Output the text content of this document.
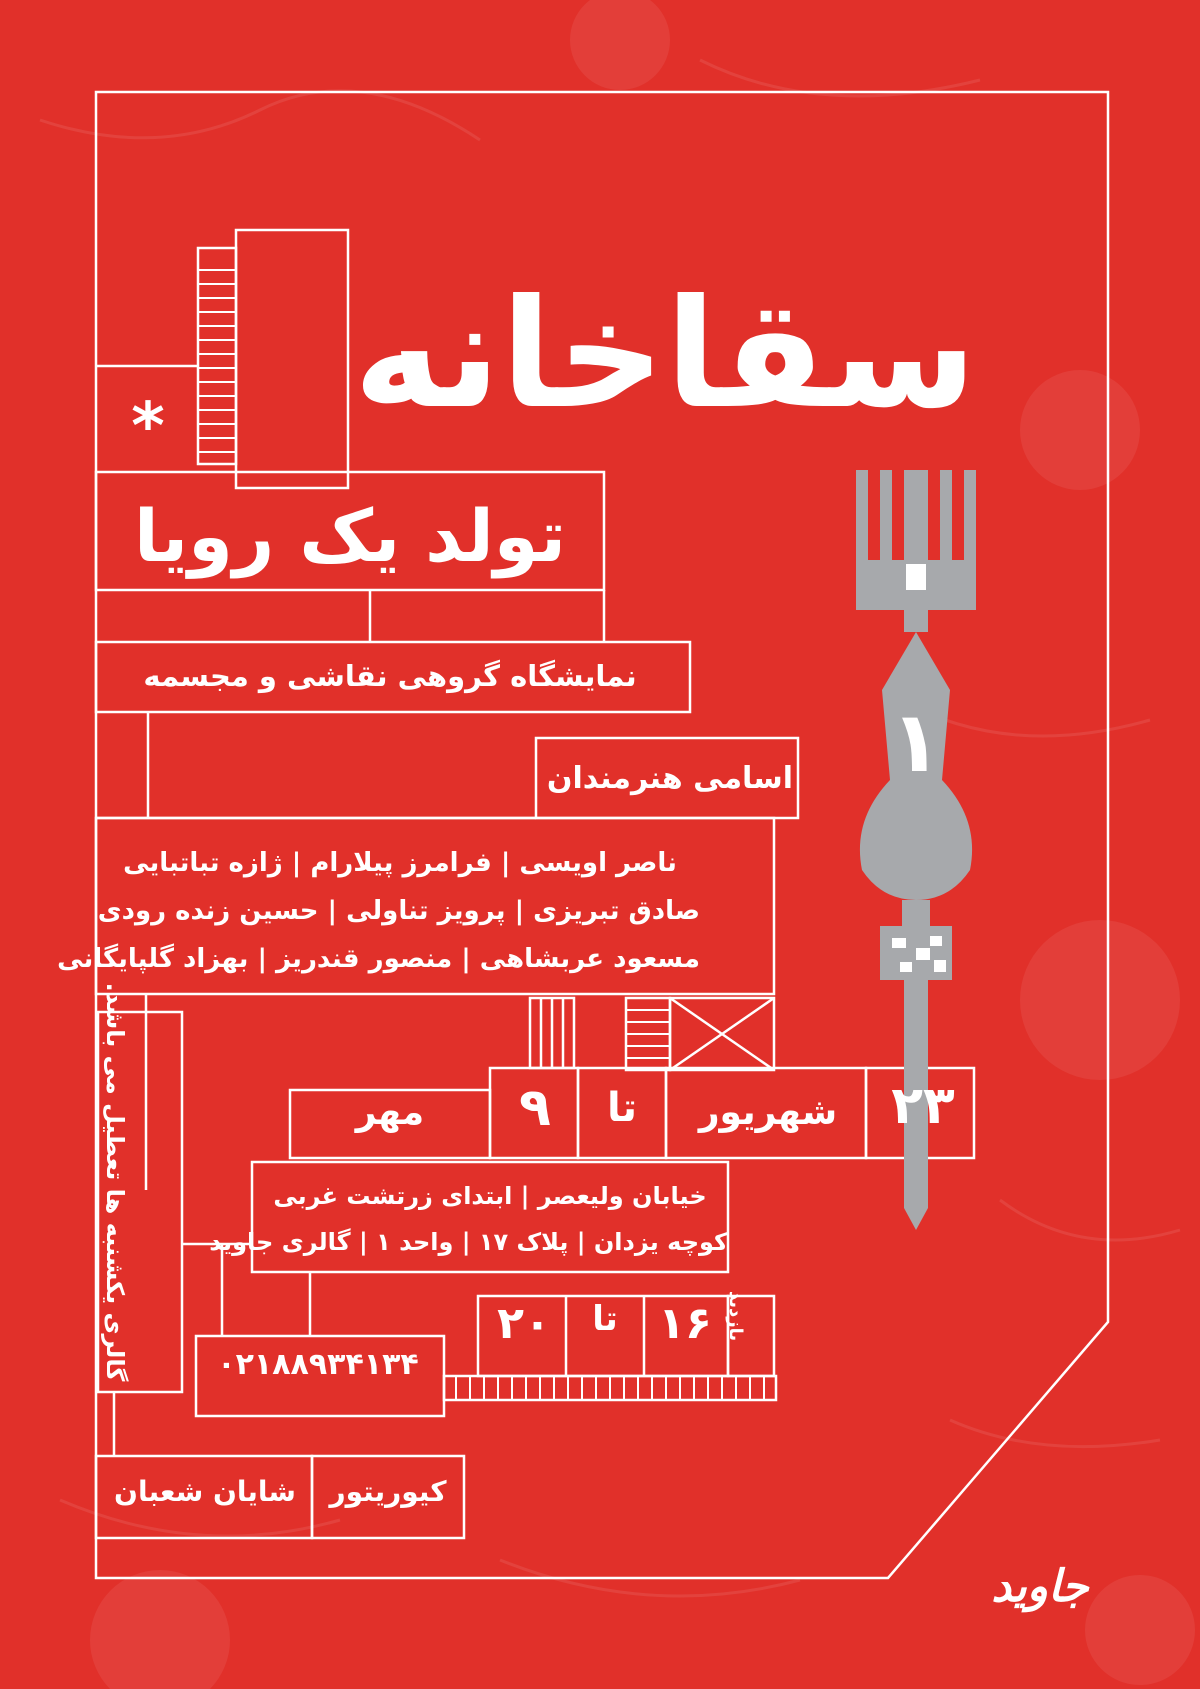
* سقاخانه
تولد یک رویا
نمایشگاه گروهی نقاشی و مجسمه
اسامی هنرمندان
ناصر اویسی | فرامرز پیلارام | ژازه تباتبایی
صادق تبریزی | پرویز تناولی | حسین زنده رودی
مسعود عربشاهی | منصور قندریز | بهزاد گلپایگانی
۱
۲۳
شهریور
تا
۹
مهر
خیابان ولیعصر | ابتدای زرتشت غربی
کوچه یزدان | پلاک ۱۷ | واحد ۱ | گالری جاوید
بازدید
۱۶
تا
۲۰
۰۲۱۸۸۹۳۴۱۳۴
گالری یکشنبه ها تعطیل می باشد.
کیوریتور
شایان شعبان
جاوید
